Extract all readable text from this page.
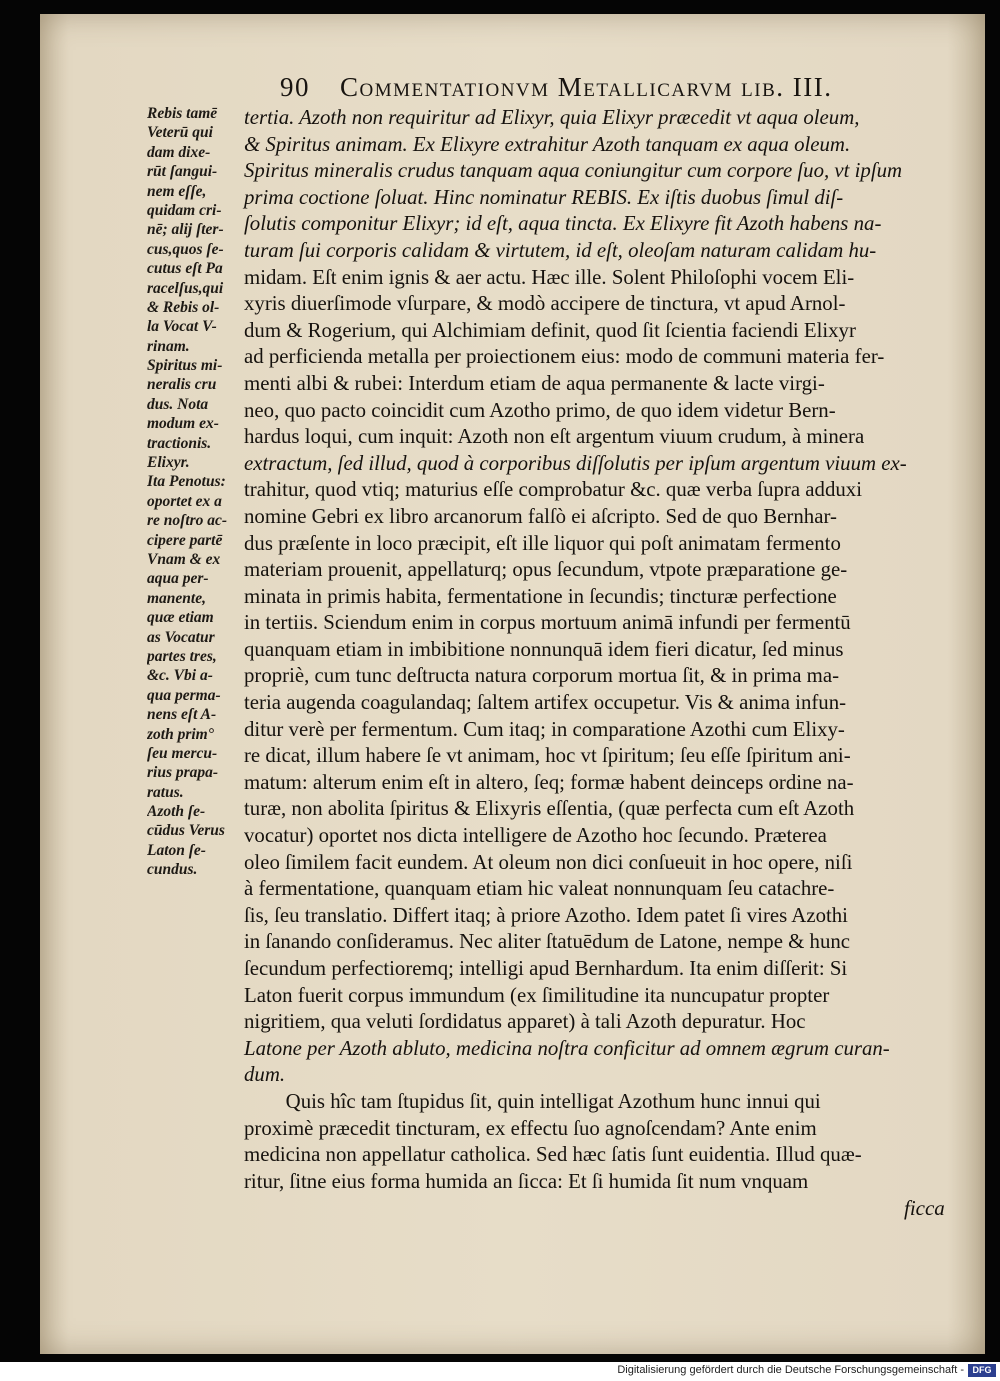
90 Commentationvm Metallicarvm lib. III.
Rebis tamē
Veterū qui
dam dixe-
rūt ſangui-
nem eſſe,
quidam cri-
nē; alij ſter-
cus,quos ſe-
cutus eſt Pa
racelſus,qui
& Rebis ol-
la Vocat V-
rinam.
Spiritus mi-
neralis cru
dus. Nota
modum ex-
tractionis.
Elixyr.
Ita Penotus:
oportet ex a
re noſtro ac-
cipere partē
Vnam & ex
aqua per-
manente,
quæ etiam
as Vocatur
partes tres,
&c. Vbi a-
qua perma-
nens eſt A-
zoth prim°
ſeu mercu-
rius prapa-
ratus.
Azoth ſe-
cūdus Verus
Laton ſe-
cundus.
tertia. Azoth non requiritur ad Elixyr, quia Elixyr præcedit vt aqua oleum,
& Spiritus animam. Ex Elixyre extrahitur Azoth tanquam ex aqua oleum.
Spiritus mineralis crudus tanquam aqua coniungitur cum corpore ſuo, vt ipſum
prima coctione ſoluat. Hinc nominatur REBIS. Ex iſtis duobus ſimul diſ-
ſolutis componitur Elixyr; id eſt, aqua tincta. Ex Elixyre fit Azoth habens na-
turam ſui corporis calidam & virtutem, id eſt, oleoſam naturam calidam hu-
midam. Eſt enim ignis & aer actu. Hæc ille. Solent Philoſophi vocem Eli-
xyris diuerſimode vſurpare, & modò accipere de tinctura, vt apud Arnol-
dum & Rogerium, qui Alchimiam definit, quod ſit ſcientia faciendi Elixyr
ad perficienda metalla per proiectionem eius: modo de communi materia fer-
menti albi & rubei: Interdum etiam de aqua permanente & lacte virgi-
neo, quo pacto coincidit cum Azotho primo, de quo idem videtur Bern-
hardus loqui, cum inquit: Azoth non eſt argentum viuum crudum, à minera
extractum, ſed illud, quod à corporibus diſſolutis per ipſum argentum viuum ex-
trahitur, quod vtiq; maturius eſſe comprobatur &c. quæ verba ſupra adduxi
nomine Gebri ex libro arcanorum falſò ei aſcripto. Sed de quo Bernhar-
dus præſente in loco præcipit, eſt ille liquor qui poſt animatam fermento
materiam prouenit, appellaturq; opus ſecundum, vtpote præparatione ge-
minata in primis habita, fermentatione in ſecundis; tincturæ perfectione
in tertiis. Sciendum enim in corpus mortuum animā infundi per fermentū
quanquam etiam in imbibitione nonnunquā idem fieri dicatur, ſed minus
propriè, cum tunc deſtructa natura corporum mortua ſit, & in prima ma-
teria augenda coagulandaq; ſaltem artifex occupetur. Vis & anima infun-
ditur verè per fermentum. Cum itaq; in comparatione Azothi cum Elixy-
re dicat, illum habere ſe vt animam, hoc vt ſpiritum; ſeu eſſe ſpiritum ani-
matum: alterum enim eſt in altero, ſeq; formæ habent deinceps ordine na-
turæ, non abolita ſpiritus & Elixyris eſſentia, (quæ perfecta cum eſt Azoth
vocatur) oportet nos dicta intelligere de Azotho hoc ſecundo. Præterea
oleo ſimilem facit eundem. At oleum non dici conſueuit in hoc opere, niſi
à fermentatione, quanquam etiam hic valeat nonnunquam ſeu catachre-
ſis, ſeu translatio. Differt itaq; à priore Azotho. Idem patet ſi vires Azothi
in ſanando conſideramus. Nec aliter ſtatuēdum de Latone, nempe & hunc
ſecundum perfectioremq; intelligi apud Bernhardum. Ita enim diſſerit: Si
Laton fuerit corpus immundum (ex ſimilitudine ita nuncupatur propter
nigritiem, qua veluti ſordidatus apparet) à tali Azoth depuratur. Hoc
Latone per Azoth abluto, medicina noſtra conficitur ad omnem ægrum curan-
dum.
Quis hîc tam ſtupidus ſit, quin intelligat Azothum hunc innui qui
proximè præcedit tincturam, ex effectu ſuo agnoſcendam? Ante enim
medicina non appellatur catholica. Sed hæc ſatis ſunt euidentia. Illud quæ-
ritur, ſitne eius forma humida an ſicca: Et ſi humida ſit num vnquam
ficca
Digitalisierung gefördert durch die Deutsche Forschungsgemeinschaft - DFG
